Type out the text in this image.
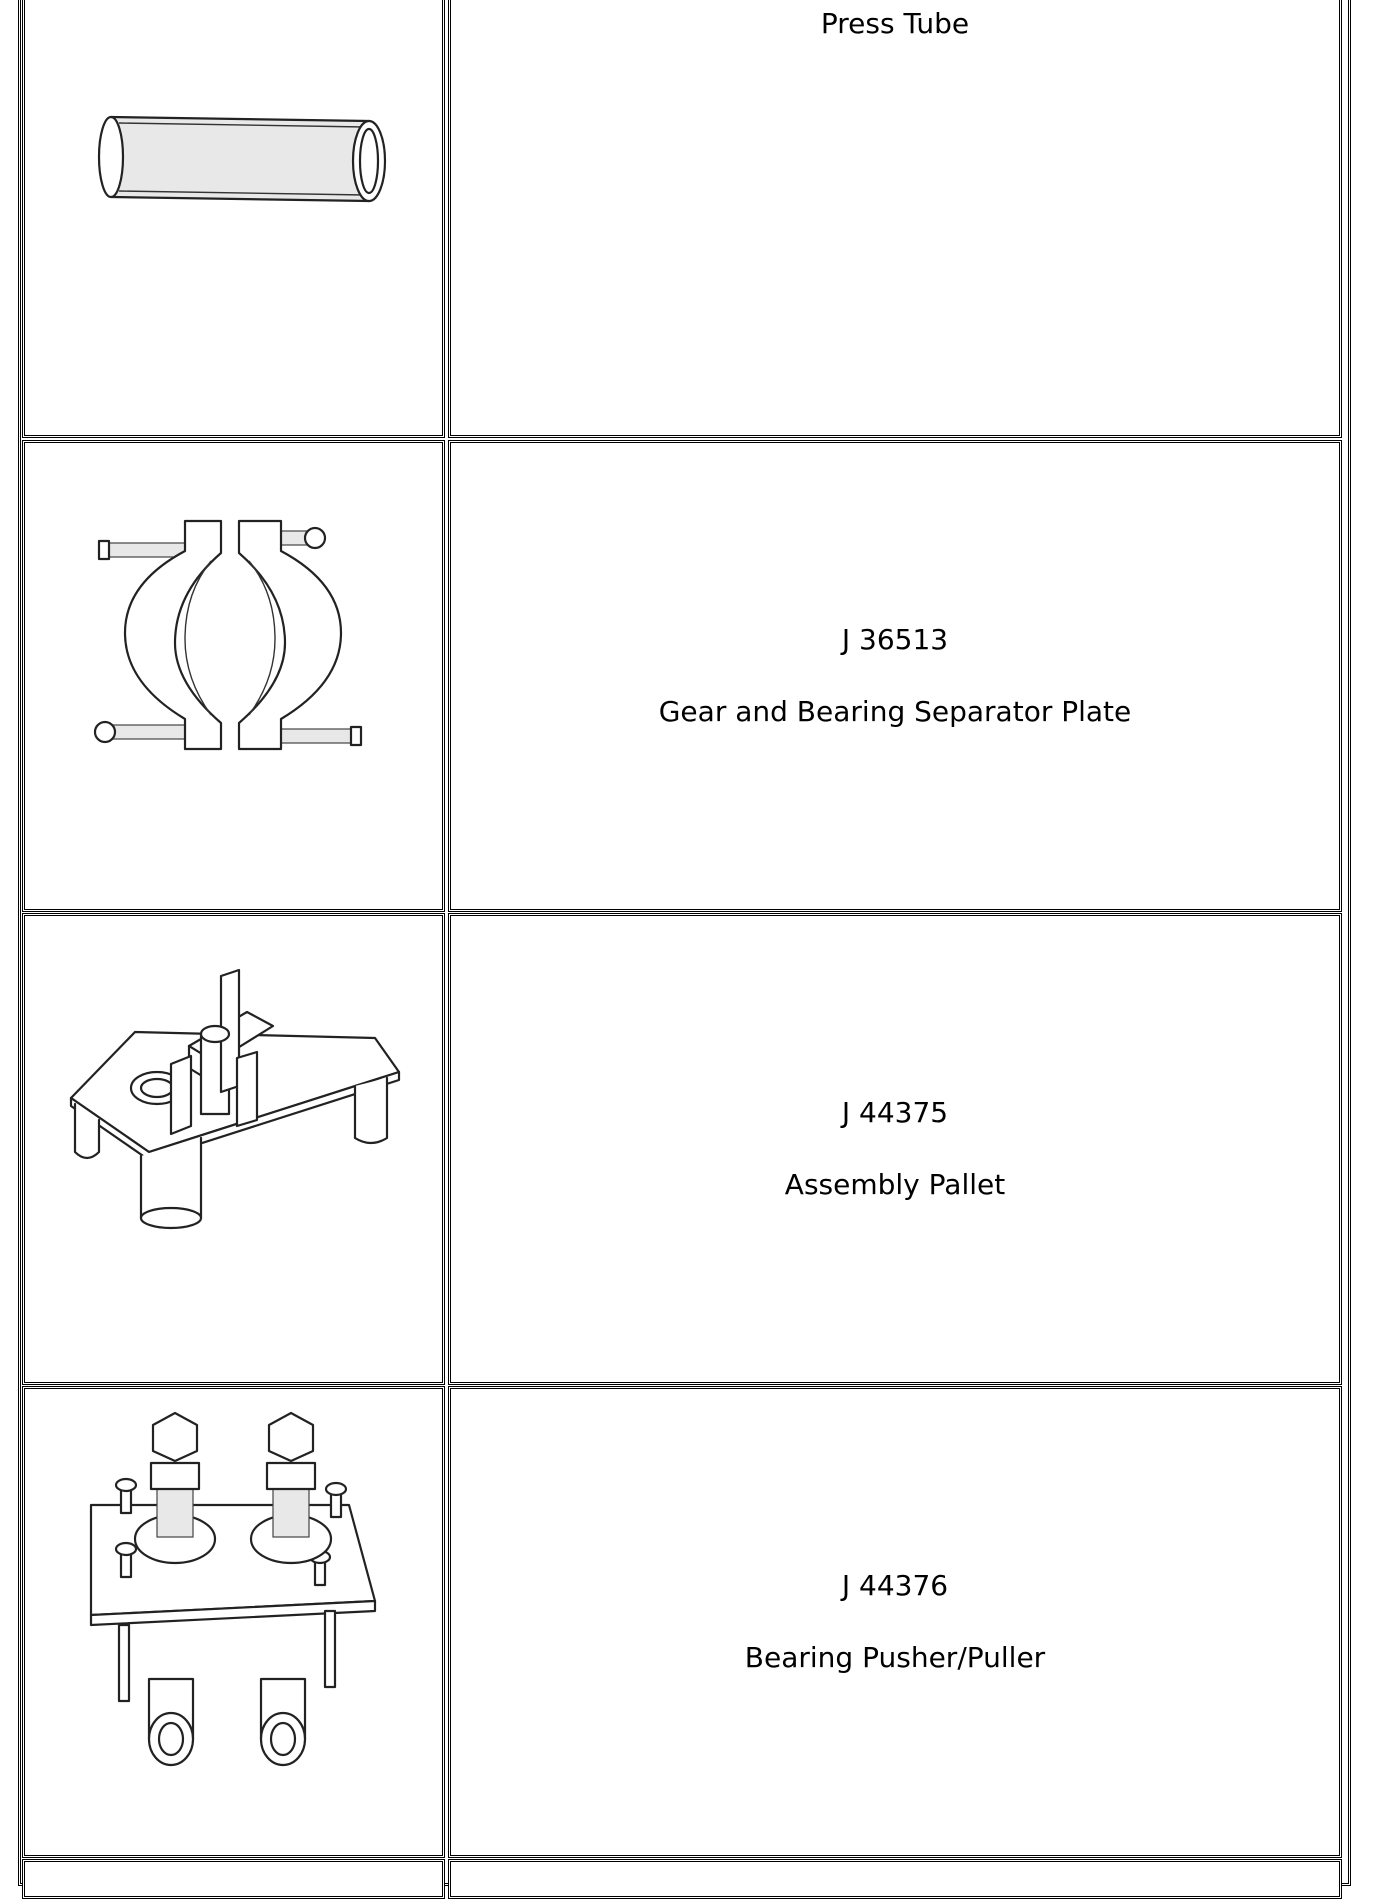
Press Tube
J 36513
Gear and Bearing Separator Plate
J 44375
Assembly Pallet
J 44376
Bearing Pusher/Puller
